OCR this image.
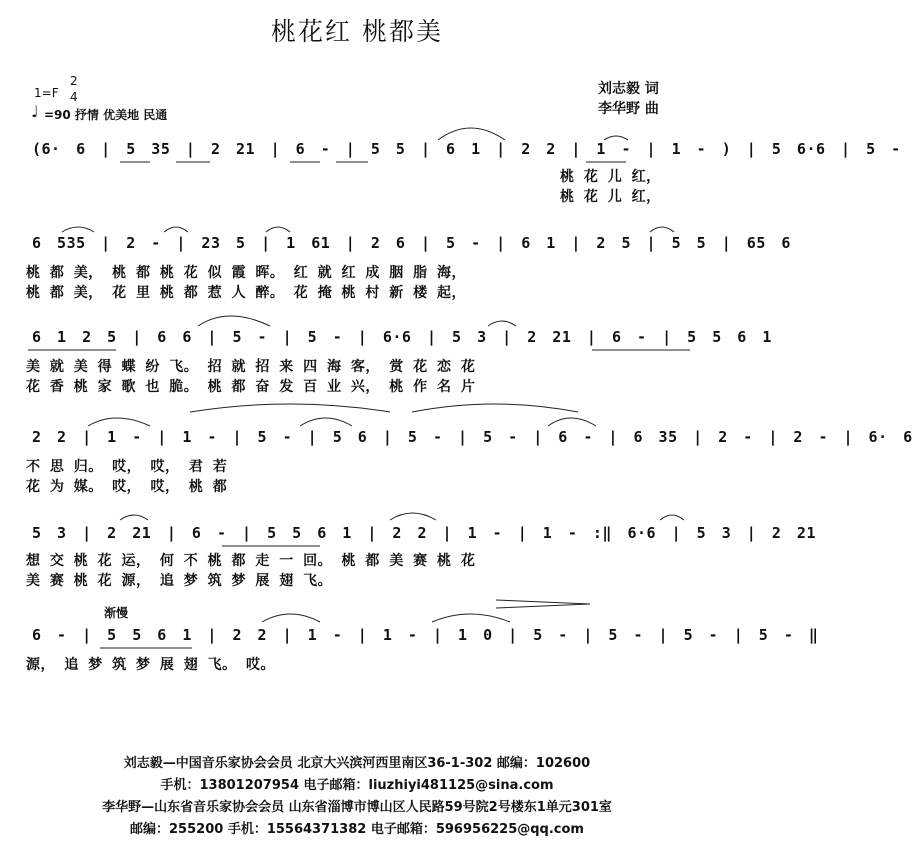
桃花红 桃都美
刘志毅 词
李华野 曲
1=F
2
4
♩ =90 抒情 优美地 民通
(6· 6 | 5 35 | 2 21 | 6 - | 5 5 | 6 1 | 2 2 | 1 - | 1 - ) | 5 6·6 | 5 -
桃 花 儿 红，
桃 花 儿 红，
6 535 | 2 - | 23 5 | 1 61 | 2 6 | 5 - | 6 1 | 2 5 | 5 5 | 65 6
桃 都 美， 桃 都 桃 花 似 霞 晖。 红 就 红 成 胭 脂 海，
桃 都 美， 花 里 桃 都 惹 人 醉。 花 掩 桃 村 新 楼 起，
6 1 2 5 | 6 6 | 5 - | 5 - | 6·6 | 5 3 | 2 21 | 6 - | 5 5 6 1
美 就 美 得 蝶 纷 飞。 招 就 招 来 四 海 客， 赏 花 恋 花
花 香 桃 家 歌 也 脆。 桃 都 奋 发 百 业 兴， 桃 作 名 片
2 2 | 1 - | 1 - | 5 - | 5 6 | 5 - | 5 - | 6 - | 6 35 | 2 - | 2 - | 6· 6
不 思 归。 哎， 哎， 君 若
花 为 媒。 哎， 哎， 桃 都
5 3 | 2 21 | 6 - | 5 5 6 1 | 2 2 | 1 - | 1 - :‖ 6·6 | 5 3 | 2 21
想 交 桃 花 运， 何 不 桃 都 走 一 回。 桃 都 美 赛 桃 花
美 赛 桃 花 源， 追 梦 筑 梦 展 翅 飞。
渐慢
6 - | 5 5 6 1 | 2 2 | 1 - | 1 - | 1 0 | 5 - | 5 - | 5 - | 5 - ‖
源， 追 梦 筑 梦 展 翅 飞。 哎。
刘志毅—中国音乐家协会会员 北京大兴滨河西里南区36-1-302 邮编：102600
手机：13801207954 电子邮箱：liuzhiyi481125@sina.com
李华野—山东省音乐家协会会员 山东省淄博市博山区人民路59号院2号楼东1单元301室
邮编：255200 手机：15564371382 电子邮箱：596956225@qq.com
